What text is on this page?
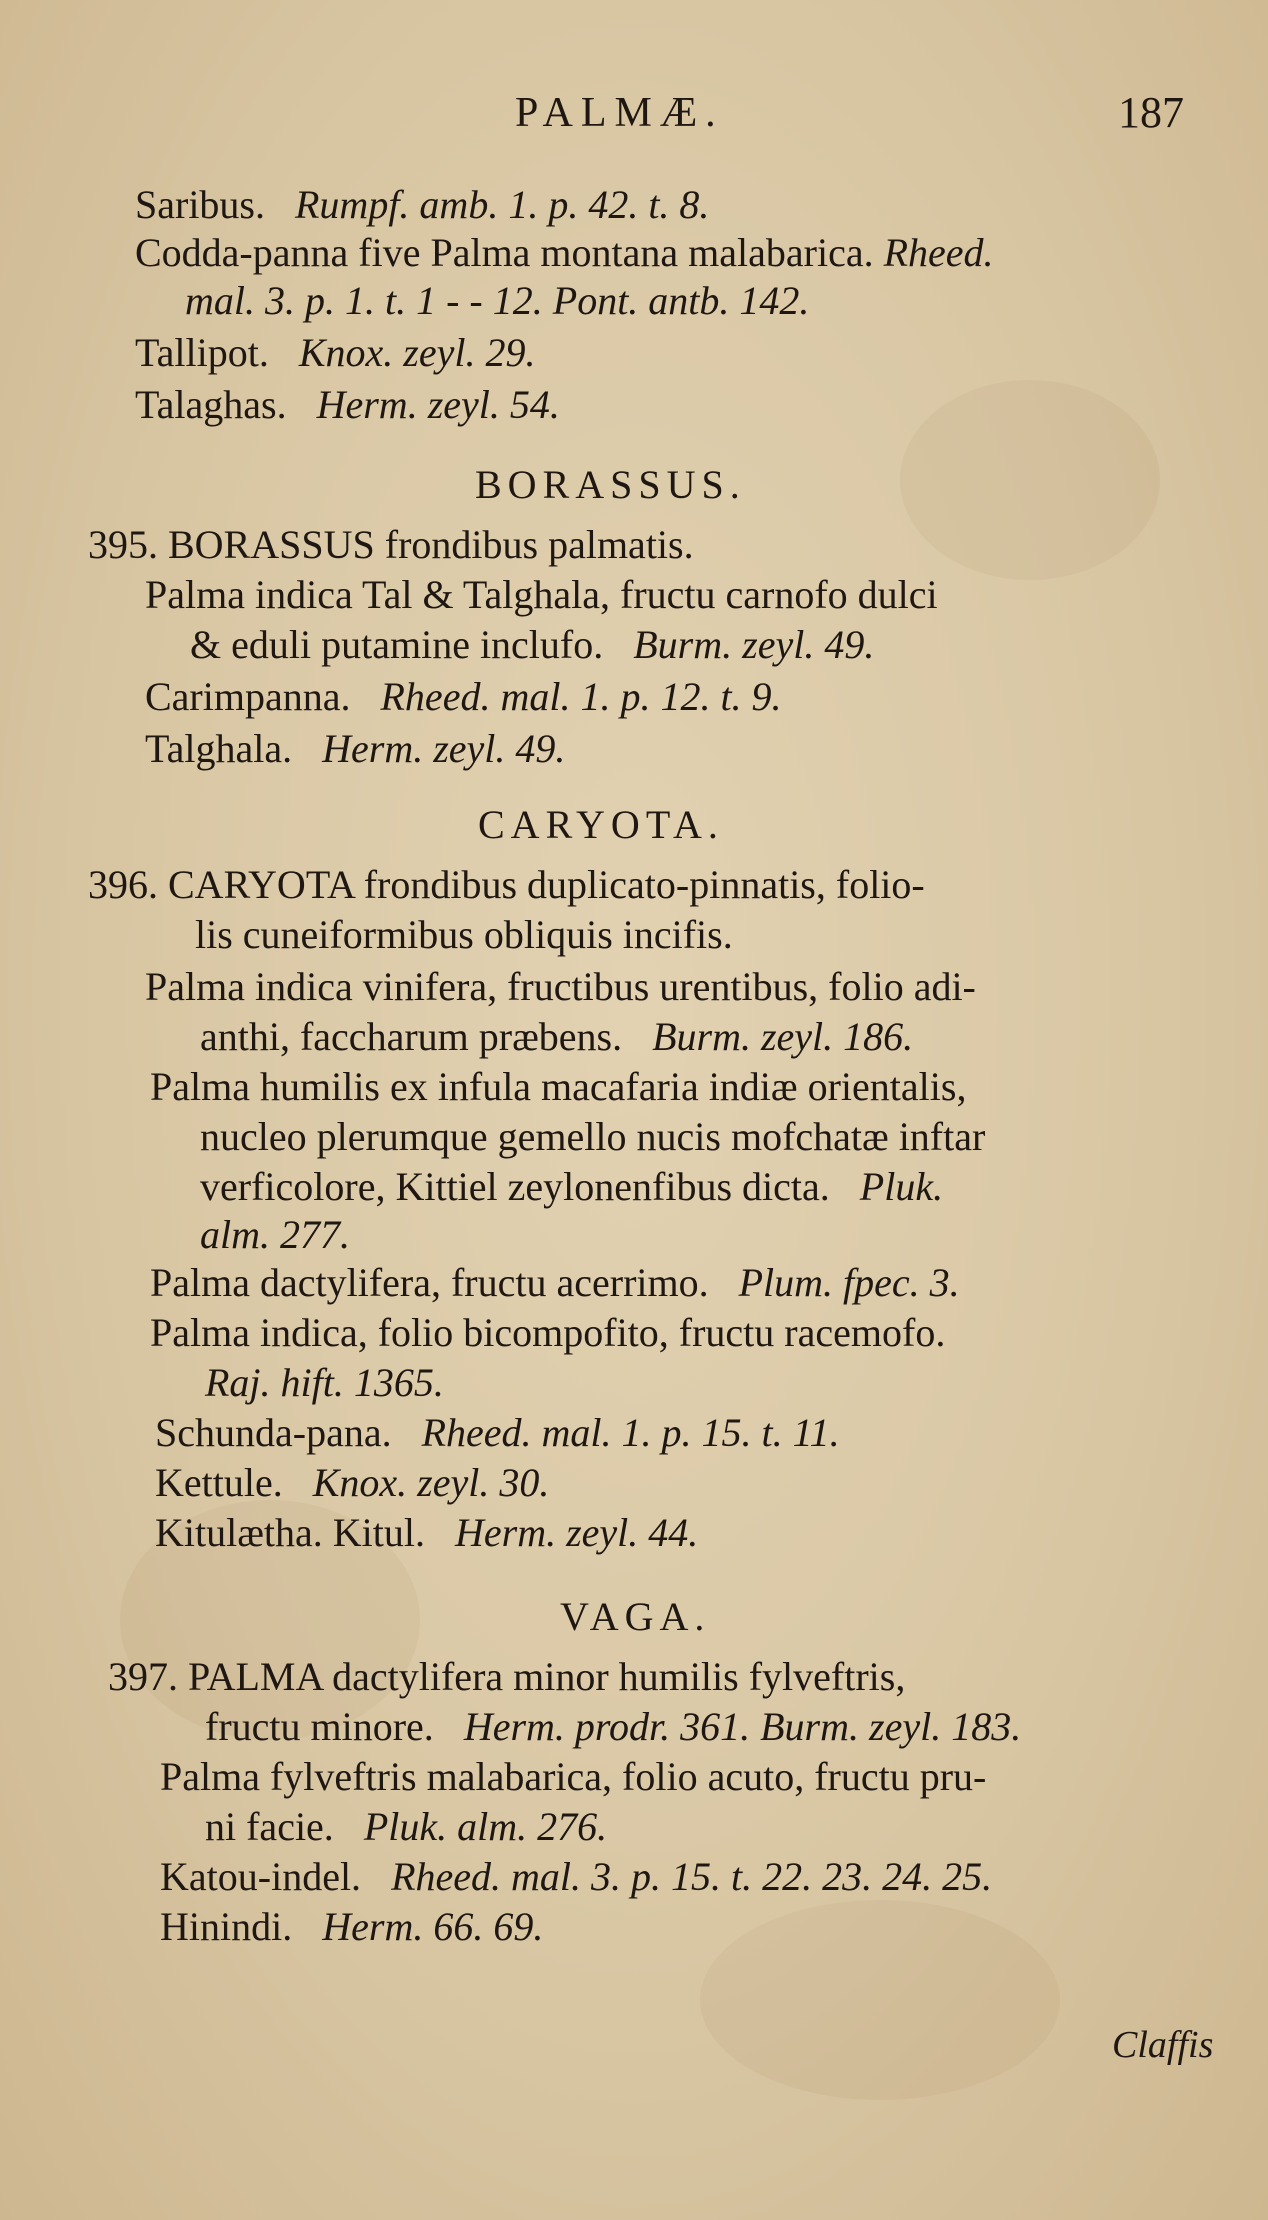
PALMÆ.	187
Saribus. Rumpf. amb. 1. p. 42. t. 8.
Codda-panna five Palma montana malabarica. Rheed.
mal. 3. p. 1. t. 1 - - 12. Pont. antb. 142.
Tallipot. Knox. zeyl. 29.
Talaghas. Herm. zeyl. 54.
BORASSUS.
395. BORASSUS frondibus palmatis.
Palma indica Tal & Talghala, fructu carnofo dulci
& eduli putamine inclufo. Burm. zeyl. 49.
Carimpanna. Rheed. mal. 1. p. 12. t. 9.
Talghala. Herm. zeyl. 49.
CARYOTA.
396. CARYOTA frondibus duplicato-pinnatis, folio-
lis cuneiformibus obliquis incifis.
Palma indica vinifera, fructibus urentibus, folio adi-
anthi, faccharum præbens. Burm. zeyl. 186.
Palma humilis ex infula macafaria indiæ orientalis,
nucleo plerumque gemello nucis mofchatæ inftar
verficolore, Kittiel zeylonenfibus dicta. Pluk.
alm. 277.
Palma dactylifera, fructu acerrimo. Plum. fpec. 3.
Palma indica, folio bicompofito, fructu racemofo.
Raj. hift. 1365.
Schunda-pana. Rheed. mal. 1. p. 15. t. 11.
Kettule. Knox. zeyl. 30.
Kitulætha. Kitul. Herm. zeyl. 44.
VAGA.
397. PALMA dactylifera minor humilis fylveftris,
fructu minore. Herm. prodr. 361. Burm. zeyl. 183.
Palma fylveftris malabarica, folio acuto, fructu pru-
ni facie. Pluk. alm. 276.
Katou-indel. Rheed. mal. 3. p. 15. t. 22. 23. 24. 25.
Hinindi. Herm. 66. 69.
Claffis
